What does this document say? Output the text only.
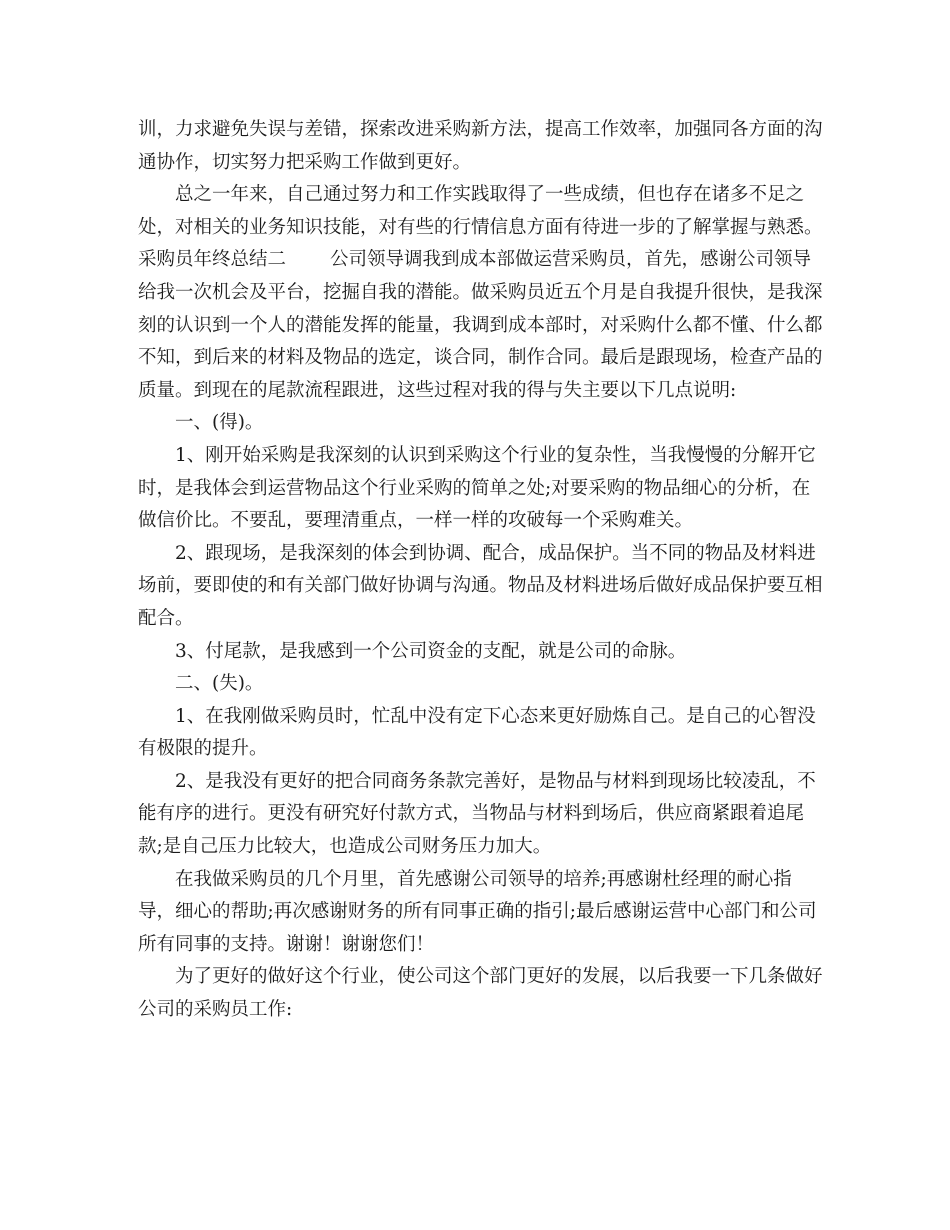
训，力求避免失误与差错，探索改进采购新方法，提高工作效率，加强同各方面的沟通协作，切实努力把采购工作做到更好。

总之一年来，自己通过努力和工作实践取得了一些成绩，但也存在诸多不足之处，对相关的业务知识技能，对有些的行情信息方面有待进一步的了解掌握与熟悉。

采购员年终总结二 公司领导调我到成本部做运营采购员，首先，感谢公司领导给我一次机会及平台，挖掘自我的潜能。做采购员近五个月是自我提升很快，是我深刻的认识到一个人的潜能发挥的能量，我调到成本部时，对采购什么都不懂、什么都不知，到后来的材料及物品的选定，谈合同，制作合同。最后是跟现场，检查产品的质量。到现在的尾款流程跟进，这些过程对我的得与失主要以下几点说明:

一、(得)。

1、刚开始采购是我深刻的认识到采购这个行业的复杂性，当我慢慢的分解开它时，是我体会到运营物品这个行业采购的简单之处;对要采购的物品细心的分析，在做信价比。不要乱，要理清重点，一样一样的攻破每一个采购难关。

2、跟现场，是我深刻的体会到协调、配合，成品保护。当不同的物品及材料进场前，要即使的和有关部门做好协调与沟通。物品及材料进场后做好成品保护要互相配合。

3、付尾款，是我感到一个公司资金的支配，就是公司的命脉。

二、(失)。

1、在我刚做采购员时，忙乱中没有定下心态来更好励炼自己。是自己的心智没有极限的提升。

2、是我没有更好的把合同商务条款完善好，是物品与材料到现场比较凌乱，不能有序的进行。更没有研究好付款方式，当物品与材料到场后，供应商紧跟着追尾款;是自己压力比较大，也造成公司财务压力加大。

在我做采购员的几个月里，首先感谢公司领导的培养;再感谢杜经理的耐心指导，细心的帮助;再次感谢财务的所有同事正确的指引;最后感谢运营中心部门和公司所有同事的支持。谢谢！谢谢您们！

为了更好的做好这个行业，使公司这个部门更好的发展，以后我要一下几条做好公司的采购员工作:
